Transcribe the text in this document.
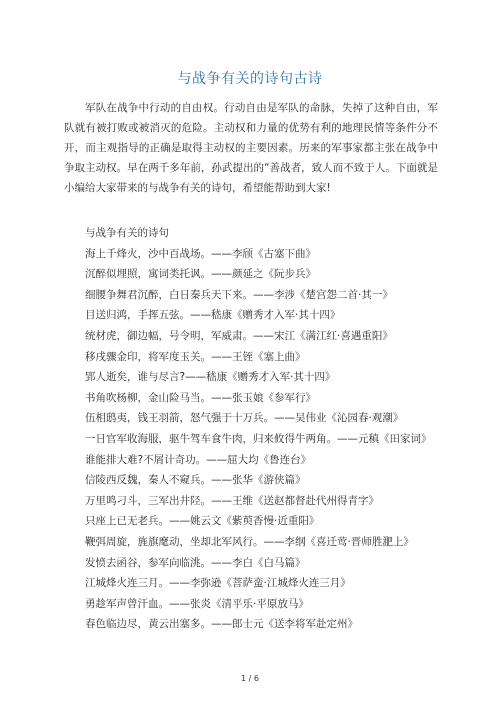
与战争有关的诗句古诗
军队在战争中行动的自由权。行动自由是军队的命脉，失掉了这种自由，军队就有被打败或被消灭的危险。主动权和力量的优势有利的地理民情等条件分不开，而主观指导的正确是取得主动权的主要因素。历来的军事家都主张在战争中争取主动权。早在两千多年前，孙武提出的“善战者，致人而不致于人。下面就是小编给大家带来的与战争有关的诗句，希望能帮助到大家!
与战争有关的诗句
海上千烽火，沙中百战场。——李颀《古塞下曲》
沉醉似埋照，寓词类托讽。——颜延之《阮步兵》
细腰争舞君沉醉，白日秦兵天下来。——李涉《楚宫怨二首·其一》
目送归鸿，手挥五弦。——嵇康《赠秀才入军·其十四》
统材虎，御边幅，号令明，军威肃。——宋江《满江红·喜遇重阳》
移戌骤金印，将军度玉关。——王铚《塞上曲》
郢人逝矣，谁与尽言?——嵇康《赠秀才入军·其十四》
书角吹杨柳，金山险马当。——张玉娘《参军行》
伍相鸱夷，钱王羽箭，怒气强于十万兵。——吴伟业《沁园春·观潮》
一日官军收海服，驱牛驾车食牛肉，归来攸得牛两角。——元稹《田家词》
谁能排大难?不屑计奇功。——屈大均《鲁连台》
信陵西反魏，秦人不窥兵。——张华《游侠篇》
万里鸣刁斗，三军出井陉。——王维《送赵都督赴代州得青字》
只座上已无老兵。——姚云文《紫萸香慢·近重阳》
鞭弭周旋，旌旗麾动，坐却北军风行。——李纲《喜迁莺·晋师胜淝上》
发愤去函谷，参军向临洮。——李白《白马篇》
江城烽火连三月。——李弥逊《菩萨蛮·江城烽火连三月》
勇趁军声曾汗血。——张炎《清平乐·平原放马》
春色临边尽，黄云出塞多。——郎士元《送李将军赴定州》
1 / 6
